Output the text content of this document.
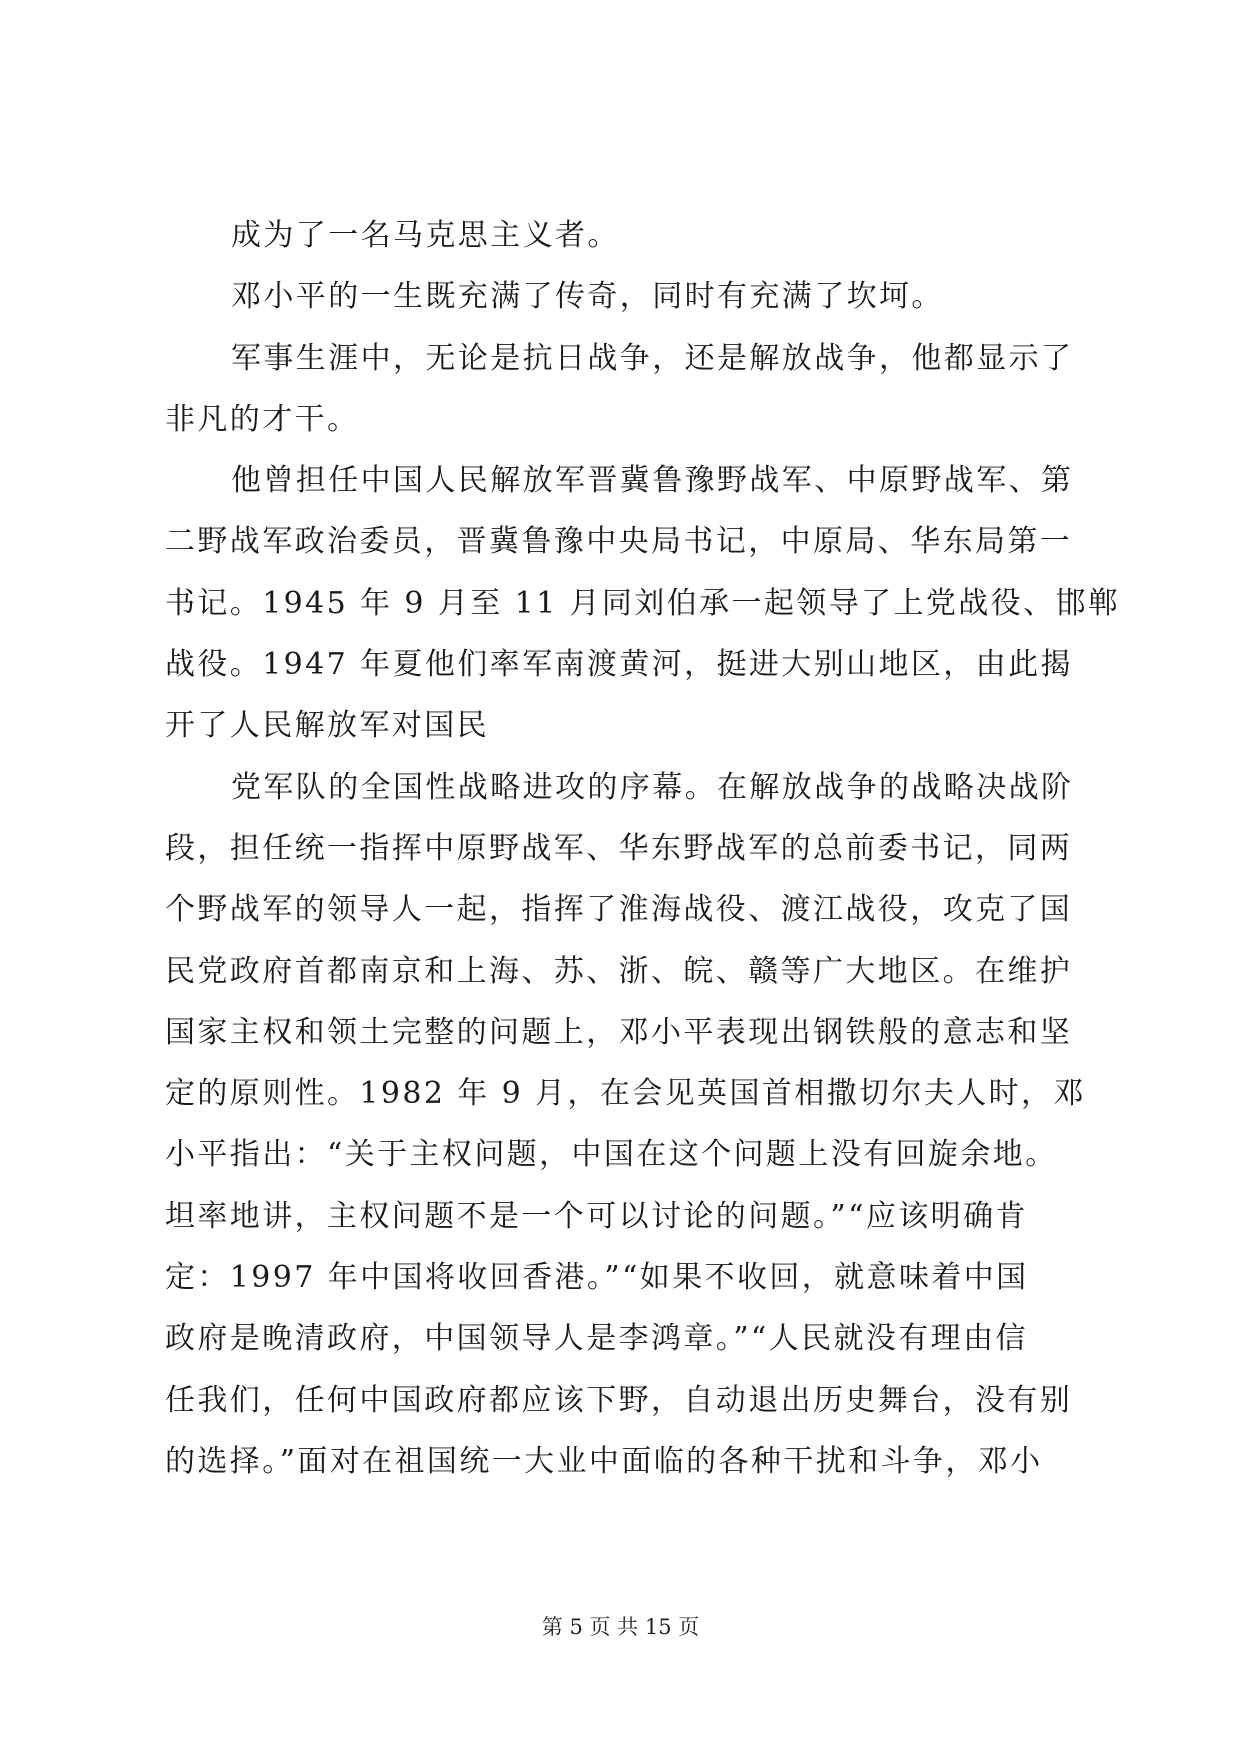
成为了一名马克思主义者。
邓小平的一生既充满了传奇，同时有充满了坎坷。
军事生涯中，无论是抗日战争，还是解放战争，他都显示了
非凡的才干。
他曾担任中国人民解放军晋冀鲁豫野战军、中原野战军、第
二野战军政治委员，晋冀鲁豫中央局书记，中原局、华东局第一
书记。1945 年 9 月至 11 月同刘伯承一起领导了上党战役、邯郸
战役。1947 年夏他们率军南渡黄河，挺进大别山地区，由此揭
开了人民解放军对国民
党军队的全国性战略进攻的序幕。在解放战争的战略决战阶
段，担任统一指挥中原野战军、华东野战军的总前委书记，同两
个野战军的领导人一起，指挥了淮海战役、渡江战役，攻克了国
民党政府首都南京和上海、苏、浙、皖、赣等广大地区。在维护
国家主权和领土完整的问题上，邓小平表现出钢铁般的意志和坚
定的原则性。1982 年 9 月，在会见英国首相撒切尔夫人时，邓
小平指出：“关于主权问题，中国在这个问题上没有回旋余地。
坦率地讲，主权问题不是一个可以讨论的问题。”“应该明确肯
定：1997 年中国将收回香港。”“如果不收回，就意味着中国
政府是晚清政府，中国领导人是李鸿章。”“人民就没有理由信
任我们，任何中国政府都应该下野，自动退出历史舞台，没有别
的选择。”面对在祖国统一大业中面临的各种干扰和斗争，邓小
第 5 页 共 15 页
